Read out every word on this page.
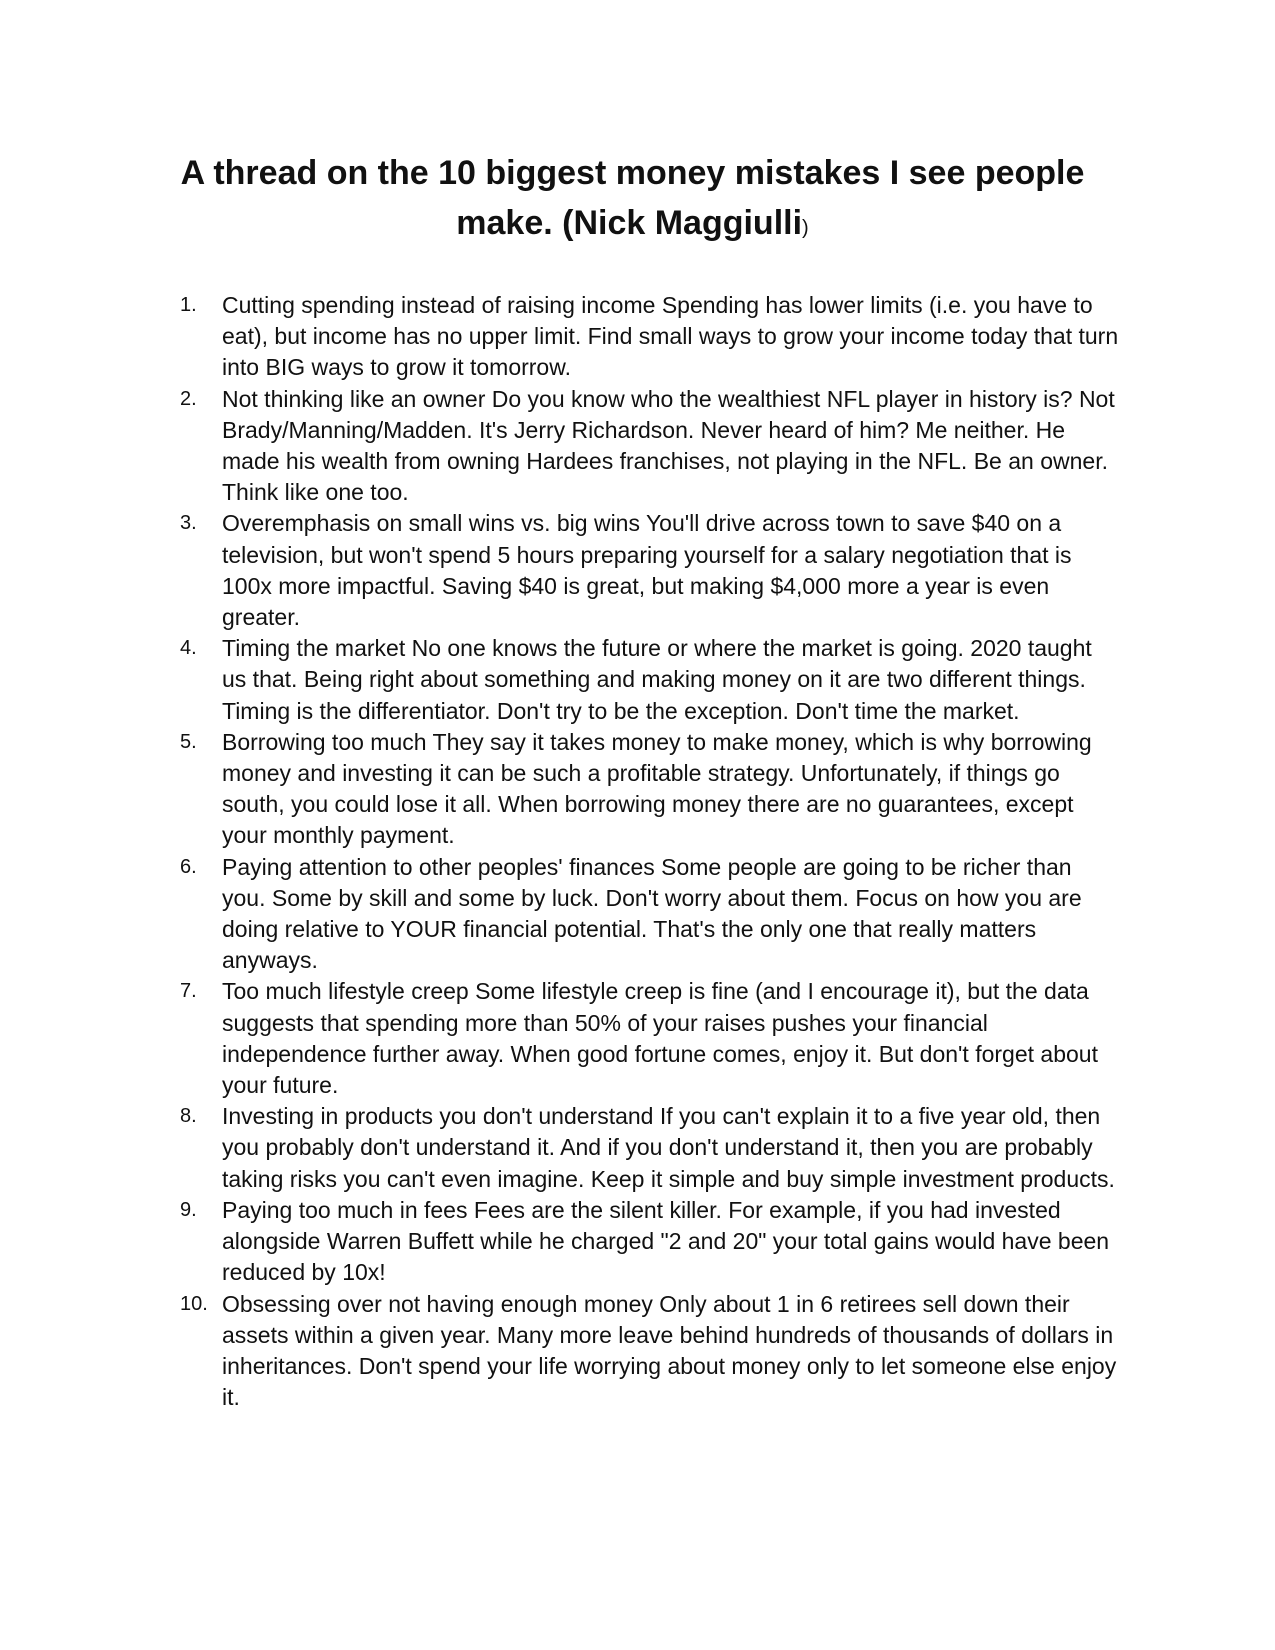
A thread on the 10 biggest money mistakes I see people make. (Nick Maggiulli)
1.	Cutting spending instead of raising income Spending has lower limits (i.e. you have to eat), but income has no upper limit. Find small ways to grow your income today that turn into BIG ways to grow it tomorrow.
2.	Not thinking like an owner Do you know who the wealthiest NFL player in history is? Not Brady/Manning/Madden. It's Jerry Richardson. Never heard of him? Me neither. He made his wealth from owning Hardees franchises, not playing in the NFL. Be an owner. Think like one too.
3.	Overemphasis on small wins vs. big wins You'll drive across town to save $40 on a television, but won't spend 5 hours preparing yourself for a salary negotiation that is 100x more impactful. Saving $40 is great, but making $4,000 more a year is even greater.
4.	Timing the market No one knows the future or where the market is going. 2020 taught us that. Being right about something and making money on it are two different things. Timing is the differentiator. Don't try to be the exception. Don't time the market.
5.	Borrowing too much They say it takes money to make money, which is why borrowing money and investing it can be such a profitable strategy. Unfortunately, if things go south, you could lose it all. When borrowing money there are no guarantees, except your monthly payment.
6.	Paying attention to other peoples' finances Some people are going to be richer than you. Some by skill and some by luck. Don't worry about them. Focus on how you are doing relative to YOUR financial potential. That's the only one that really matters anyways.
7.	Too much lifestyle creep Some lifestyle creep is fine (and I encourage it), but the data suggests that spending more than 50% of your raises pushes your financial independence further away. When good fortune comes, enjoy it. But don't forget about your future.
8.	Investing in products you don't understand If you can't explain it to a five year old, then you probably don't understand it. And if you don't understand it, then you are probably taking risks you can't even imagine. Keep it simple and buy simple investment products.
9.	Paying too much in fees Fees are the silent killer. For example, if you had invested alongside Warren Buffett while he charged "2 and 20" your total gains would have been reduced by 10x!
10. Obsessing over not having enough money Only about 1 in 6 retirees sell down their assets within a given year. Many more leave behind hundreds of thousands of dollars in inheritances. Don't spend your life worrying about money only to let someone else enjoy it.
